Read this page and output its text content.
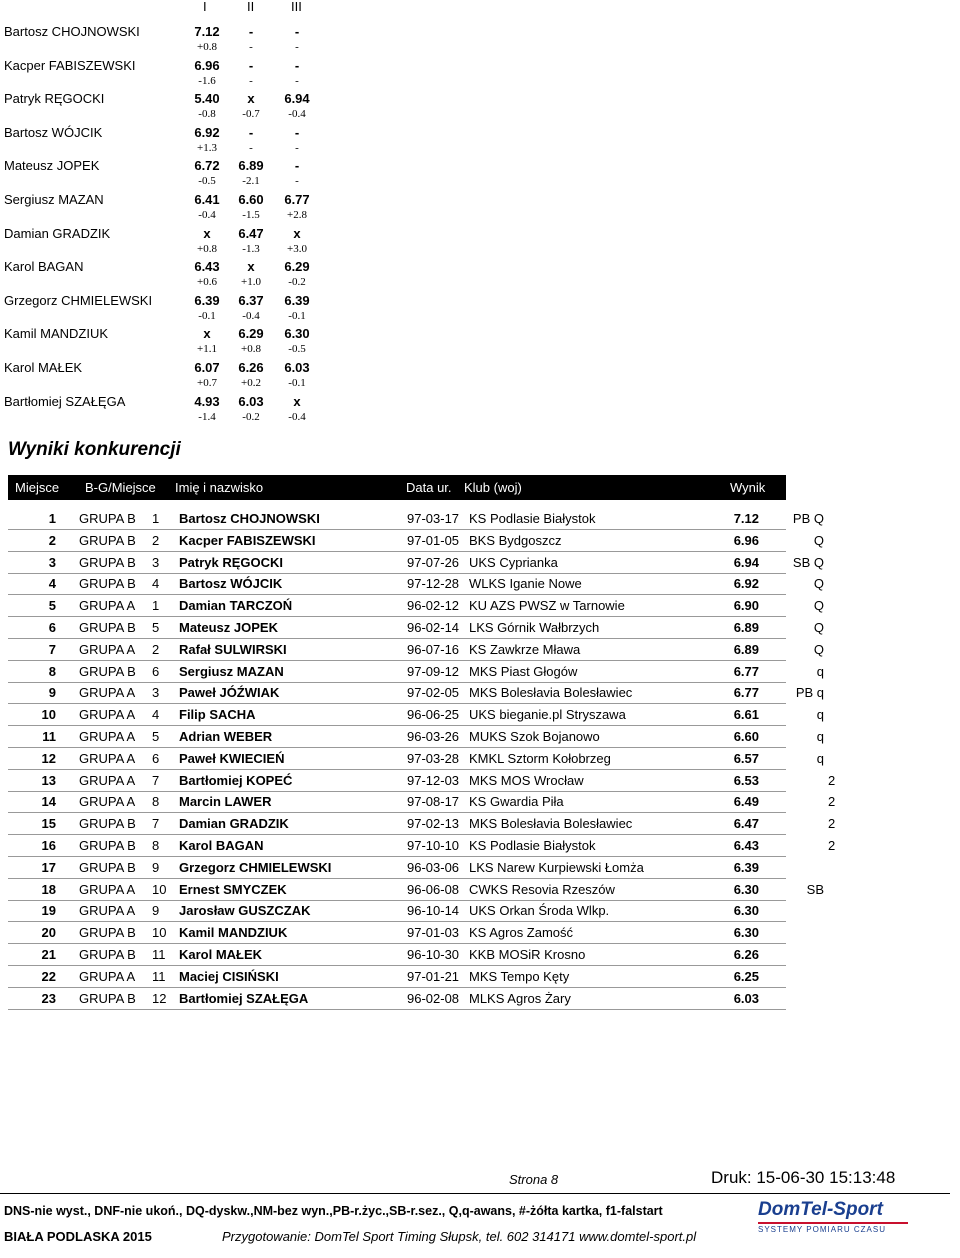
I	II	III
Bartosz CHOJNOWSKI	7.12	-	-
+0.8	-	-
Kacper FABISZEWSKI	6.96	-	-
-1.6	-	-
Patryk RĘGOCKI	5.40	x	6.94
-0.8	-0.7	-0.4
Bartosz WÓJCIK	6.92	-	-
+1.3	-	-
Mateusz JOPEK	6.72	6.89	-
-0.5	-2.1	-
Sergiusz MAZAN	6.41	6.60	6.77
-0.4	-1.5	+2.8
Damian GRADZIK	x	6.47	x
+0.8	-1.3	+3.0
Karol BAGAN	6.43	x	6.29
+0.6	+1.0	-0.2
Grzegorz CHMIELEWSKI	6.39	6.37	6.39
-0.1	-0.4	-0.1
Kamil MANDZIUK	x	6.29	6.30
+1.1	+0.8	-0.5
Karol MAŁEK	6.07	6.26	6.03
+0.7	+0.2	-0.1
Bartłomiej SZAŁĘGA	4.93	6.03	x
-1.4	-0.2	-0.4
Wyniki konkurencji
Miejsce B-G/Miejsce Imię i nazwisko	Data ur. Klub (woj)	Wynik
1 GRUPA B 1 Bartosz CHOJNOWSKI	97-03-17 KS Podlasie Białystok	7.12	PB Q
2 GRUPA B 2 Kacper FABISZEWSKI	97-01-05 BKS Bydgoszcz	6.96	Q
3 GRUPA B 3 Patryk RĘGOCKI	97-07-26 UKS Cyprianka	6.94	SB Q
4 GRUPA B 4 Bartosz WÓJCIK	97-12-28 WLKS Iganie Nowe	6.92	Q
5 GRUPA A 1 Damian TARCZOŃ	96-02-12 KU AZS PWSZ w Tarnowie	6.90	Q
6 GRUPA B 5 Mateusz JOPEK	96-02-14 LKS Górnik Wałbrzych	6.89	Q
7 GRUPA A 2 Rafał SULWIRSKI	96-07-16 KS Zawkrze Mława	6.89	Q
8 GRUPA B 6 Sergiusz MAZAN	97-09-12 MKS Piast Głogów	6.77	q
9 GRUPA A 3 Paweł JÓŹWIAK	97-02-05 MKS Bolesłavia Bolesławiec	6.77	PB q
10 GRUPA A 4 Filip SACHA	96-06-25 UKS bieganie.pl Stryszawa	6.61	q
11 GRUPA A 5 Adrian WEBER	96-03-26 MUKS Szok Bojanowo	6.60	q
12 GRUPA A 6 Paweł KWIECIEŃ	97-03-28 KMKL Sztorm Kołobrzeg	6.57	q
13 GRUPA A 7 Bartłomiej KOPEĆ	97-12-03 MKS MOS Wrocław	6.53	2
14 GRUPA A 8 Marcin LAWER	97-08-17 KS Gwardia Piła	6.49	2
15 GRUPA B 7 Damian GRADZIK	97-02-13 MKS Bolesłavia Bolesławiec	6.47	2
16 GRUPA B 8 Karol BAGAN	97-10-10 KS Podlasie Białystok	6.43	2
17 GRUPA B 9 Grzegorz CHMIELEWSKI	96-03-06 LKS Narew Kurpiewski Łomża	6.39
18 GRUPA A 10 Ernest SMYCZEK	96-06-08 CWKS Resovia Rzeszów	6.30	SB
19 GRUPA A 9 Jarosław GUSZCZAK	96-10-14 UKS Orkan Środa Wlkp.	6.30
20 GRUPA B 10 Kamil MANDZIUK	97-01-03 KS Agros Zamość	6.30
21 GRUPA B 11 Karol MAŁEK	96-10-30 KKB MOSiR Krosno	6.26
22 GRUPA A 11 Maciej CISIŃSKI	97-01-21 MKS Tempo Kęty	6.25
23 GRUPA B 12 Bartłomiej SZAŁĘGA	96-02-08 MLKS Agros Żary	6.03
Strona 8	Druk: 15-06-30 15:13:48
DNS-nie wyst., DNF-nie ukoń., DQ-dyskw.,NM-bez wyn.,PB-r.życ.,SB-r.sez., Q,q-awans, #-żółta kartka, f1-falstart
BIAŁA PODLASKA 2015	Przygotowanie: DomTel Sport Timing Słupsk, tel. 602 314171 www.domtel-sport.pl
DomTel-Sport
SYSTEMY POMIARU CZASU
